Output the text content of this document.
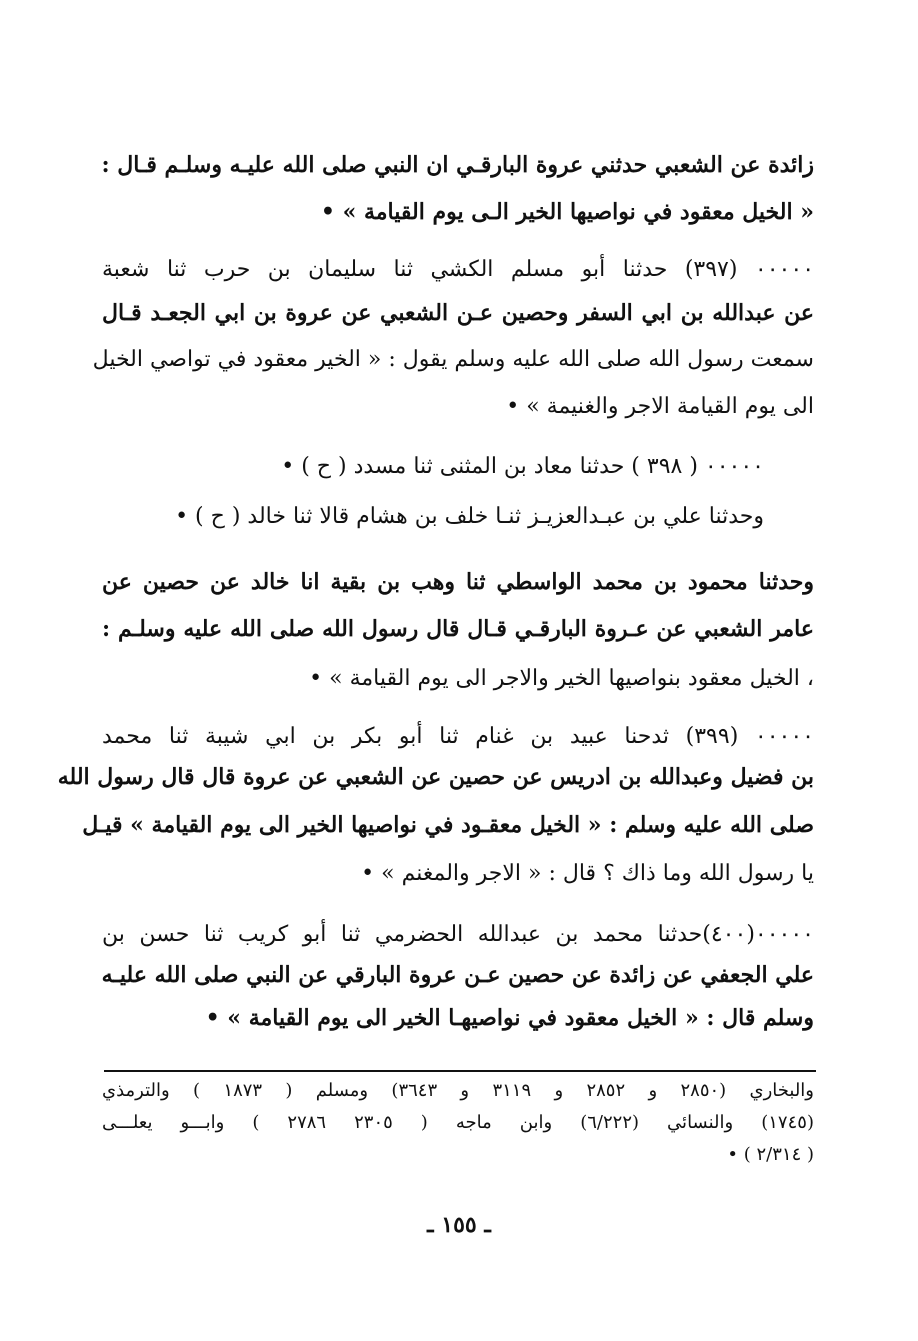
زائدة عن الشعبي حدثني عروة البارقـي ان النبي صلى الله عليـه وسلـم قـال :
« الخيل معقود في نواصيها الخير الـى يوم القيامة » •
٠٠٠٠٠ (٣٩٧) حدثنا أبو مسلم الكشي ثنا سليمان بن حرب ثنا شعبة
عن عبدالله بن ابي السفر وحصين عـن الشعبي عن عروة بن ابي الجعـد قـال
سمعت رسول الله صلى الله عليه وسلم يقول : « الخير معقود في تواصي الخيل
الى يوم القيامة الاجر والغنيمة » •
٠٠٠٠٠ ( ٣٩٨ ) حدثنا معاد بن المثنى ثنا مسدد ( ح ) •
وحدثنا علي بن عبـدالعزيـز ثنـا خلف بن هشام قالا ثنا خالد ( ح ) •
وحدثنا محمود بن محمد الواسطي ثنا وهب بن بقية انا خالد عن حصين عن
عامر الشعبي عن عـروة البارقـي قـال قال رسول الله صلى الله عليه وسلـم :
، الخيل معقود بنواصيها الخير والاجر الى يوم القيامة » •
٠٠٠٠٠ (٣٩٩) ثدحنا عبيد بن غنام ثنا أبو بكر بن ابي شيبة ثنا محمد
بن فضيل وعبدالله بن ادريس عن حصين عن الشعبي عن عروة قال قال رسول الله
صلى الله عليه وسلم : « الخيل معقـود في نواصيها الخير الى يوم القيامة » قيـل
يا رسول الله وما ذاك ؟ قال : « الاجر والمغنم » •
٠٠٠٠٠(٤٠٠)حدثنا محمد بن عبدالله الحضرمي ثنا أبو كريب ثنا حسن بن
علي الجعفي عن زائدة عن حصين عـن عروة البارقي عن النبي صلى الله عليـه
وسلم قال : « الخيل معقود في نواصيهـا الخير الى يوم القيامة » •
والبخاري (٢٨٥٠ و ٢٨٥٢ و ٣١١٩ و ٣٦٤٣) ومسلم ( ١٨٧٣ ) والترمذي
(١٧٤٥) والنسائي (٦/٢٢٢) وابن ماجه ( ٢٣٠٥ ٢٧٨٦ ) وابـــو يعلـــى
( ٢/٣١٤ ) •
ـ ١٥٥ ـ
